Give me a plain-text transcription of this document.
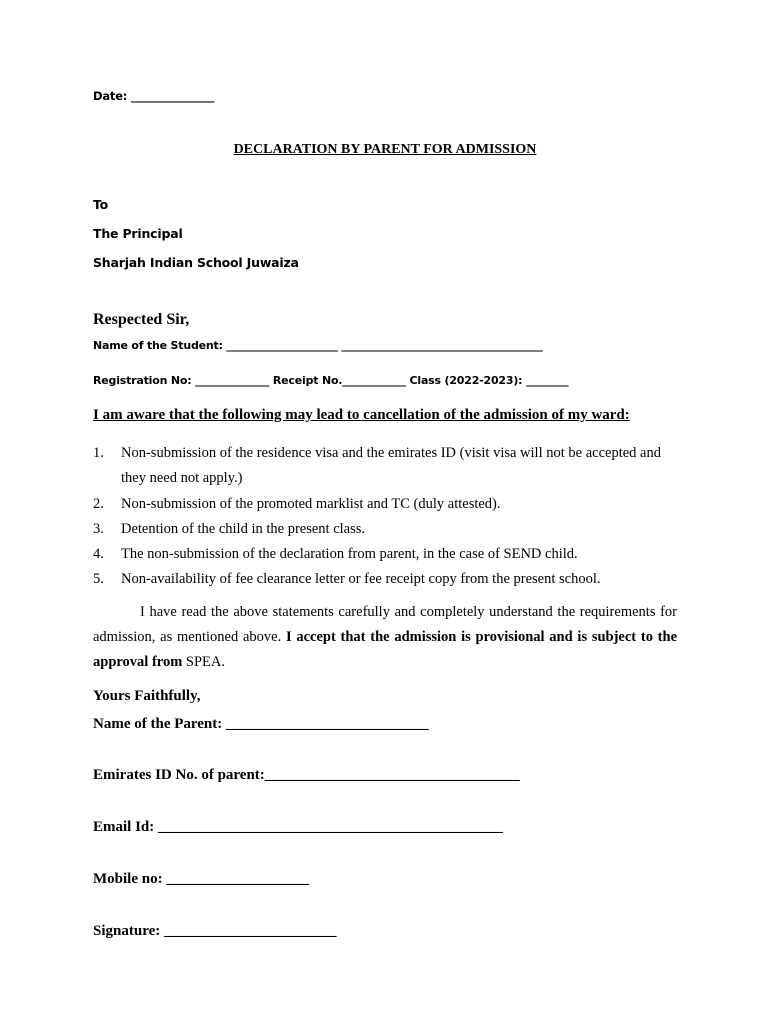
Date: _______________
DECLARATION BY PARENT FOR ADMISSION
To
The Principal
Sharjah Indian School Juwaiza
Respected Sir,
Name of the Student: _____________________ ______________________________________
Registration No: ______________ Receipt No.____________ Class (2022-2023): ________
I am aware that the following may lead to cancellation of the admission of my ward:
1. Non-submission of the residence visa and the emirates ID (visit visa will not be accepted and they need not apply.)
2. Non-submission of the promoted marklist and TC (duly attested).
3. Detention of the child in the present class.
4. The non-submission of the declaration from parent, in the case of SEND child.
5. Non-availability of fee clearance letter or fee receipt copy from the present school.
I have read the above statements carefully and completely understand the requirements for admission, as mentioned above. I accept that the admission is provisional and is subject to the approval from SPEA.
Yours Faithfully,
Name of the Parent: ___________________________
Emirates ID No. of parent:__________________________________
Email Id: ______________________________________________
Mobile no: ___________________
Signature: _______________________
